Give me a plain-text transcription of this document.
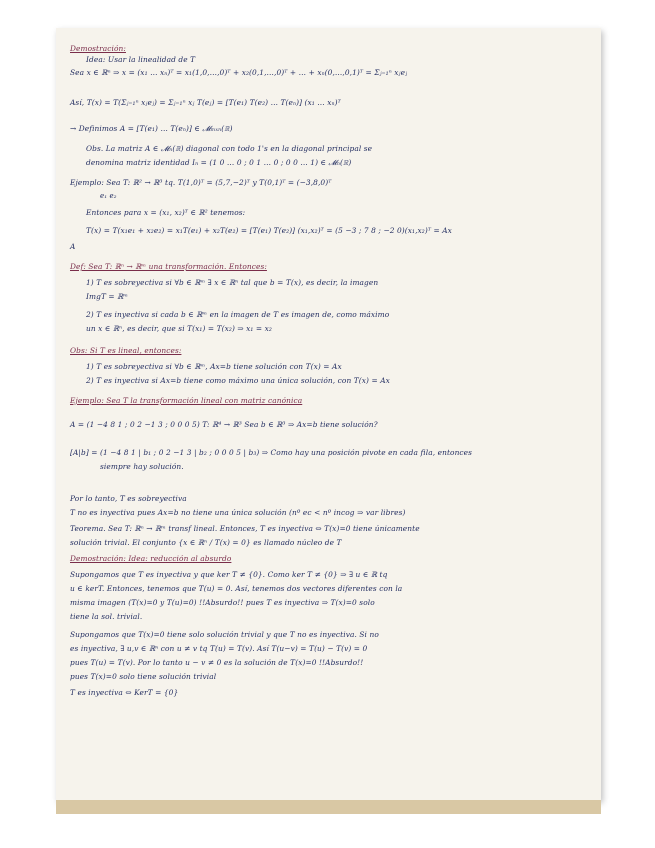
Demostración:
Idea: Usar la linealidad de T
Sea x ∈ ℝⁿ ⇒ x = (x₁ … xₙ)ᵀ = x₁(1,0,…,0)ᵀ + x₂(0,1,…,0)ᵀ + … + xₙ(0,…,0,1)ᵀ = Σⱼ₌₁ⁿ xⱼeⱼ
Así, T(x) = T(Σⱼ₌₁ⁿ xⱼeⱼ) = Σⱼ₌₁ⁿ xⱼ T(eⱼ) = [T(e₁) T(e₂) … T(eₙ)] (x₁ … xₙ)ᵀ
→ Definimos A = [T(e₁) … T(eₙ)] ∈ 𝓜ₘₓₙ(ℝ)
Obs. La matriz A ∈ 𝓜ₙ(ℝ) diagonal con todo 1's en la diagonal principal se
denomina matriz identidad Iₙ = (1 0 … 0 ; 0 1 … 0 ; 0 0 … 1) ∈ 𝓜ₙ(ℝ)
Ejemplo: Sea T: ℝ² → ℝ³ tq. T(1,0)ᵀ = (5,7,−2)ᵀ y T(0,1)ᵀ = (−3,8,0)ᵀ
e₁ e₂
Entonces para x = (x₁, x₂)ᵀ ∈ ℝ² tenemos:
T(x) = T(x₁e₁ + x₂e₂) = x₁T(e₁) + x₂T(e₂) = [T(e₁) T(e₂)] (x₁,x₂)ᵀ = (5 −3 ; 7 8 ; −2 0)(x₁,x₂)ᵀ = Ax
A
Def: Sea T: ℝⁿ → ℝᵐ una transformación. Entonces:
1) T es sobreyectiva si ∀b ∈ ℝᵐ ∃ x ∈ ℝⁿ tal que b = T(x), es decir, la imagen
ImgT = ℝᵐ
2) T es inyectiva si cada b ∈ ℝᵐ en la imagen de T es imagen de, como máximo
un x ∈ ℝⁿ, es decir, que si T(x₁) = T(x₂) ⇒ x₁ = x₂
Obs: Si T es lineal, entonces:
1) T es sobreyectiva si ∀b ∈ ℝᵐ, Ax=b tiene solución con T(x) = Ax
2) T es inyectiva si Ax=b tiene como máximo una única solución, con T(x) = Ax
Ejemplo: Sea T la transformación lineal con matriz canónica
A = (1 −4 8 1 ; 0 2 −1 3 ; 0 0 0 5) T: ℝ⁴ → ℝ³ Sea b ∈ ℝ³ ⇒ Ax=b tiene solución?
[A|b] = (1 −4 8 1 | b₁ ; 0 2 −1 3 | b₂ ; 0 0 0 5 | b₃) ⇒ Como hay una posición pivote en cada fila, entonces
siempre hay solución.
Por lo tanto, T es sobreyectiva
T no es inyectiva pues Ax=b no tiene una única solución (nº ec < nº incog ⇒ var libres)
Teorema. Sea T: ℝⁿ → ℝᵐ transf lineal. Entonces, T es inyectiva ⇔ T(x)=0 tiene únicamente
solución trivial. El conjunto {x ∈ ℝⁿ / T(x) = 0} es llamado núcleo de T
Demostración: Idea: reducción al absurdo
Supongamos que T es inyectiva y que ker T ≠ {0}. Como ker T ≠ {0} ⇒ ∃ u ∈ ℝ tq
u ∈ kerT. Entonces, tenemos que T(u) = 0. Así, tenemos dos vectores diferentes con la
misma imagen (T(x)=0 y T(u)=0) !!Absurdo!! pues T es inyectiva ⇒ T(x)=0 solo
tiene la sol. trivial.
Supongamos que T(x)=0 tiene solo solución trivial y que T no es inyectiva. Si no
es inyectiva, ∃ u,v ∈ ℝⁿ con u ≠ v tq T(u) = T(v). Así T(u−v) = T(u) − T(v) = 0
pues T(u) = T(v). Por lo tanto u − v ≠ 0 es la solución de T(x)=0 !!Absurdo!!
pues T(x)=0 solo tiene solución trivial
T es inyectiva ⇔ KerT = {0}
